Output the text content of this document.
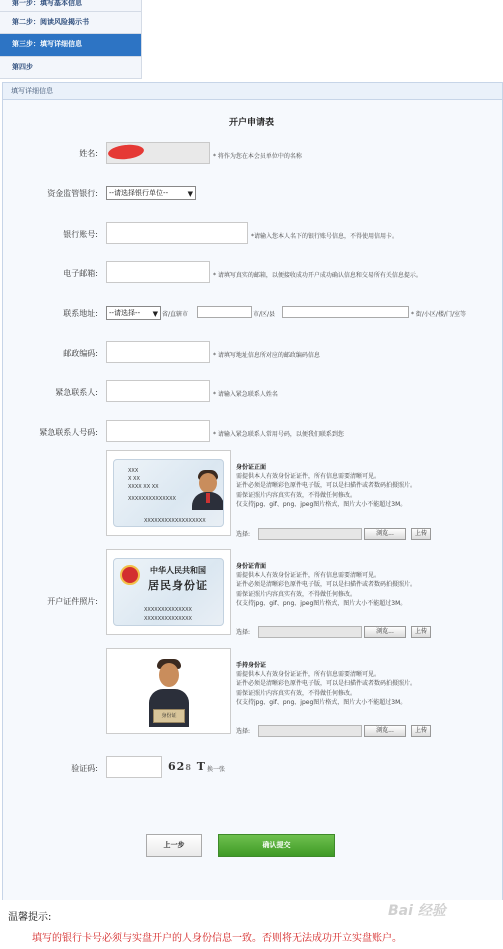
第一步：填写基本信息
第二步：阅读风险揭示书
第三步：填写详细信息
第四步
填写详细信息
开户申请表
姓名:	* 将作为您在本会员单位中的名称
资金监管银行:	--请选择银行单位--	▼
银行账号:	*请输入您本人名下的银行账号信息，不得使用信用卡。
电子邮箱:	* 请填写真实的邮箱，以便接收成功开户成功确认信息和交易所有关信息提示。
联系地址:	--请选择-- ▼ 省/直辖市	市/区/县	* 街/小区/楼/门/室等
邮政编码:	* 请填写地址信息所对应的邮政编码信息
紧急联系人:	* 请输入紧急联系人姓名
紧急联系人号码:	* 请输入紧急联系人常用号码，以便我们联系到您
开户证件照片:
XXX
X XX
XXXX XX XX
XXXXXXXXXXXXXX
XXXXXXXXXXXXXXXXXX
身份证正面
需提供本人有效身份证证件，所有信息需要清晰可见。
证件必须是清晰彩色原件电子版，可以是扫描件或者数码拍摄照片。
需保证照片内容真实有效，不得做任何修改。
仅支持jpg、gif、png、jpeg图片格式，图片大小不能超过3M。
选择:	浏览...	上传
中华人民共和国
居民身份证
XXXXXXXXXXXXXX
XXXXXXXXXXXXXX
身份证背面
需提供本人有效身份证证件，所有信息需要清晰可见。
证件必须是清晰彩色原件电子版，可以是扫描件或者数码拍摄照片。
需保证照片内容真实有效，不得做任何修改。
仅支持jpg、gif、png、jpeg图片格式，图片大小不能超过3M。
选择:	浏览...	上传
身份证
手持身份证
需提供本人有效身份证证件，所有信息需要清晰可见。
证件必须是清晰彩色原件电子版，可以是扫描件或者数码拍摄照片。
需保证照片内容真实有效，不得做任何修改。
仅支持jpg、gif、png、jpeg图片格式，图片大小不能超过3M。
选择:	浏览...	上传
验证码:	628 T 换一张
上一步	确认提交
温馨提示:
填写的银行卡号必须与实盘开户的人身份信息一致。否则将无法成功开立实盘账户。
Bai 经验
